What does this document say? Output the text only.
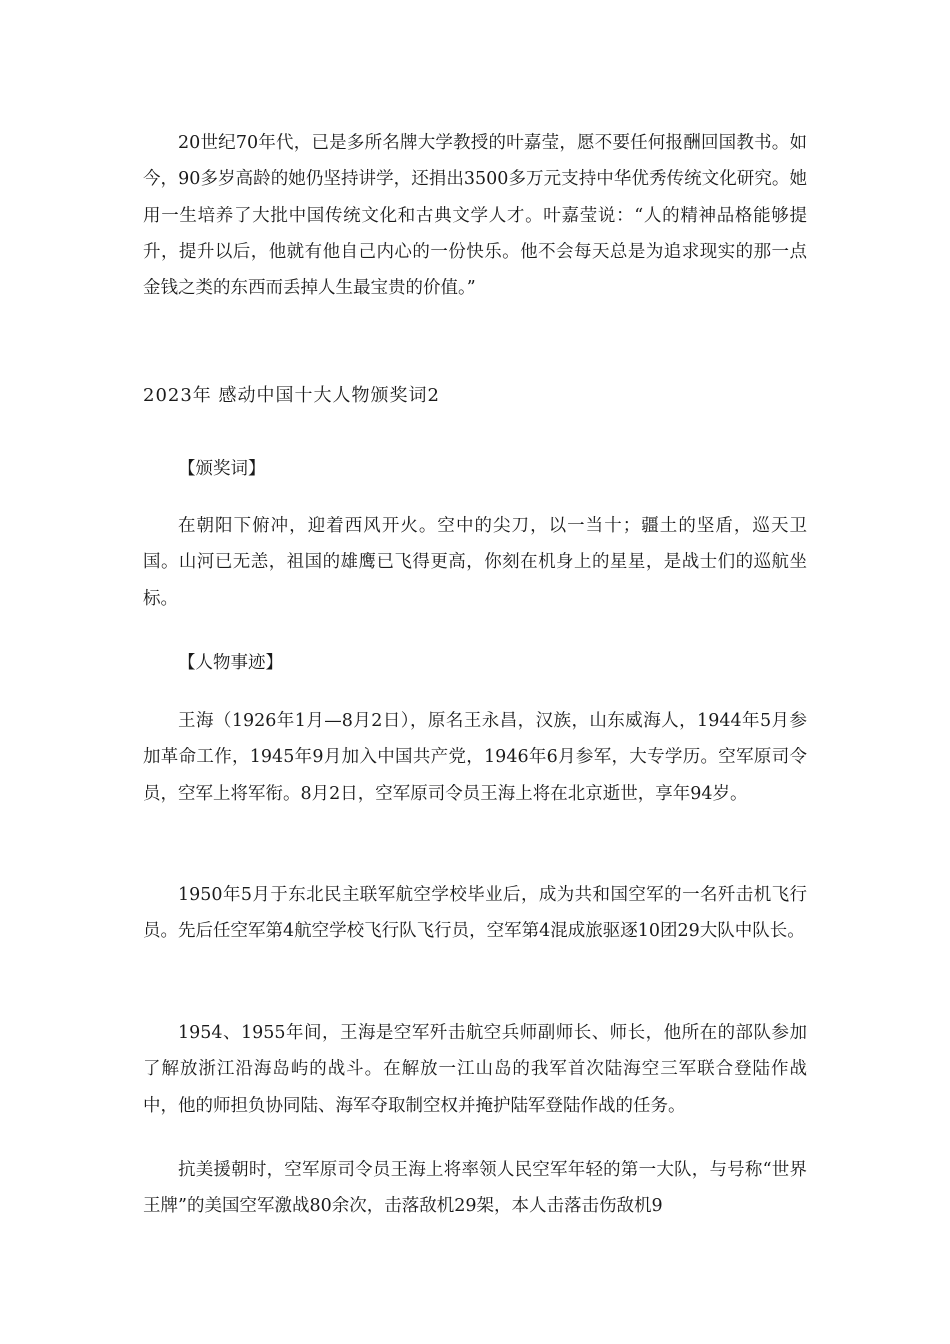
20世纪70年代，已是多所名牌大学教授的叶嘉莹，愿不要任何报酬回国教书。如今，90多岁高龄的她仍坚持讲学，还捐出3500多万元支持中华优秀传统文化研究。她用一生培养了大批中国传统文化和古典文学人才。叶嘉莹说：“人的精神品格能够提升，提升以后，他就有他自己内心的一份快乐。他不会每天总是为追求现实的那一点金钱之类的东西而丢掉人生最宝贵的价值。”

2023年 感动中国十大人物颁奖词2

【颁奖词】

在朝阳下俯冲，迎着西风开火。空中的尖刀，以一当十；疆土的坚盾，巡天卫国。山河已无恙，祖国的雄鹰已飞得更高，你刻在机身上的星星，是战士们的巡航坐标。

【人物事迹】

王海（1926年1月—8月2日），原名王永昌，汉族，山东威海人，1944年5月参加革命工作，1945年9月加入中国共产党，1946年6月参军，大专学历。空军原司令员，空军上将军衔。8月2日，空军原司令员王海上将在北京逝世，享年94岁。

1950年5月于东北民主联军航空学校毕业后，成为共和国空军的一名歼击机飞行员。先后任空军第4航空学校飞行队飞行员，空军第4混成旅驱逐10团29大队中队长。

1954、1955年间，王海是空军歼击航空兵师副师长、师长，他所在的部队参加了解放浙江沿海岛屿的战斗。在解放一江山岛的我军首次陆海空三军联合登陆作战中，他的师担负协同陆、海军夺取制空权并掩护陆军登陆作战的任务。

抗美援朝时，空军原司令员王海上将率领人民空军年轻的第一大队，与号称“世界王牌”的美国空军激战80余次，击落敌机29架，本人击落击伤敌机9
